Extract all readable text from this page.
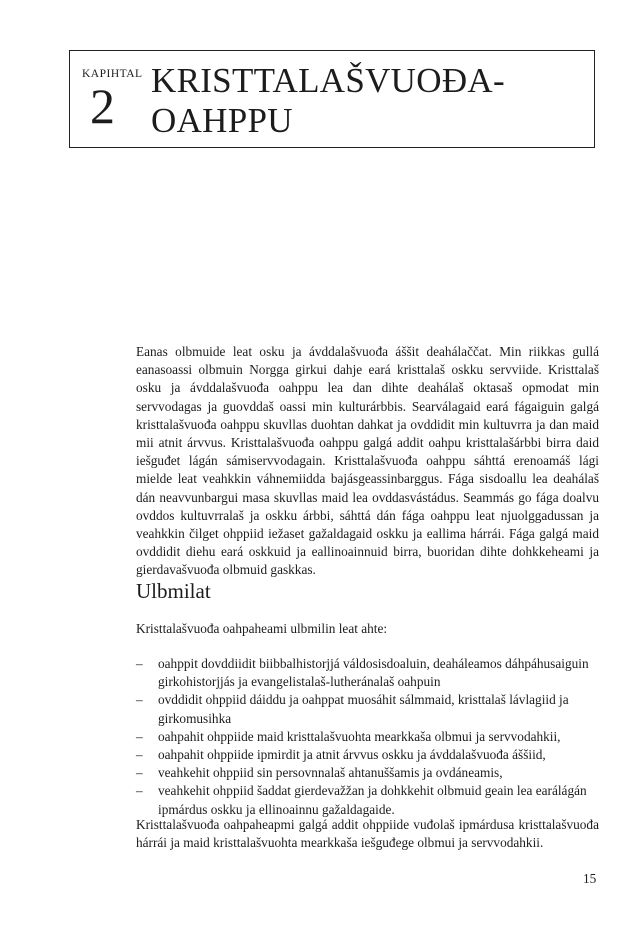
KAPIHTAL
2 KRISTTALAŠVUOĐA-
OAHPPU

Eanas olbmuide leat osku ja ávddalašvuođa áššit deahálaččat. Min riikkas gullá eanasoassi olbmuin Norgga girkui dahje eará kristtalaš oskku servviide. Kristtalaš osku ja ávddalašvuođa oahppu lea dan dihte deahálaš oktasaš opmodat min servvodagas ja guovddaš oassi min kulturárbbis. Searválagaid eará fágaiguin galgá kristtalašvuođa oahppu skuvllas duohtan dahkat ja ovddidit min kultuvrra ja dan maid mii atnit árvvus. Kristtalašvuođa oahppu galgá addit oahpu kristtalašárbbi birra daid iešguđet lágán sámiservvodagain. Kristtalašvuođa oahppu sáhttá erenoamáš lági mielde leat veahkkin váhnemiidda bajásgeassinbarggus. Fága sisdoallu lea deahálaš dán neavvunbargui masa skuvllas maid lea ovddasvástádus. Seammás go fága doalvu ovddos kultuvrralaš ja oskku árbbi, sáhttá dán fága oahppu leat njuolggadussan ja veahkkin čilget ohppiid iežaset gažaldagaid oskku ja eallima hárrái. Fága galgá maid ovddidit diehu eará oskkuid ja eallinoainnuid birra, buoridan dihte dohkkeheami ja gierdavašvuođa olbmuid gaskkas.

Ulbmilat

Kristtalašvuođa oahpaheami ulbmilin leat ahte:

– oahppit dovddiidit biibbalhistorjjá váldosisdoaluin, deahálеamos dáhpáhusaiguin girkohistorjjás ja evangelistalaš-lutheránalaš oahpuin
– ovddidit ohppiid dáiddu ja oahppat muosáhit sálmmaid, kristtalaš lávlagiid ja girkomusihka
– oahpahit ohppiide maid kristtalašvuohta mearkkaša olbmui ja servvodahkii,
– oahpahit ohppiide ipmirdit ja atnit árvvus oskku ja ávddalašvuođa áššiid,
– veahkehit ohppiid sin persovnnalaš ahtanuššamis ja ovdáneamis,
– veahkehit ohppiid šaddat gierdevažžan ja dohkkehit olbmuid geain lea earálágán ipmárdus oskku ja ellinoainnu gažaldagaide.

Kristtalašvuođa oahpaheapmi galgá addit ohppiide vuđolaš ipmárdusa kristtalašvuođa hárrái ja maid kristtalašvuohta mearkkaša iešguđege olbmui ja servvodahkii.

15
